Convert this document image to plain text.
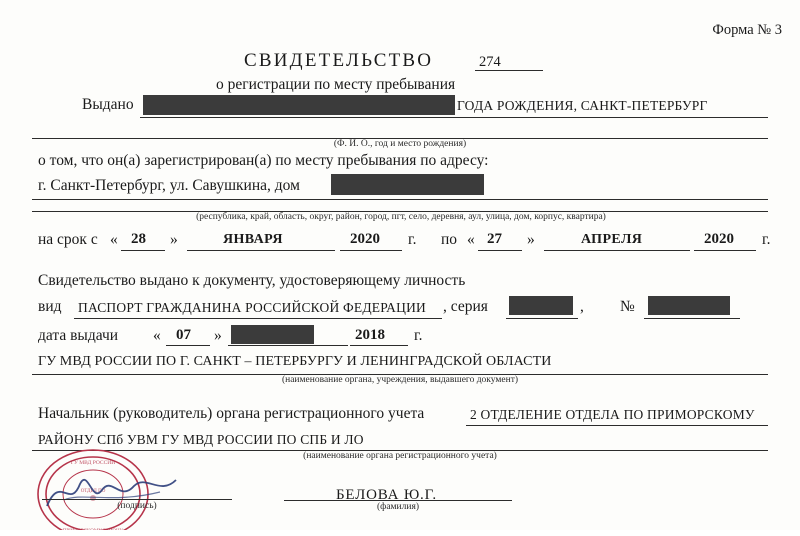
Форма № 3
СВИДЕТЕЛЬСТВО	274
о регистрации по месту пребывания
Выдано	ГОДА РОЖДЕНИЯ, САНКТ-ПЕТЕРБУРГ
(Ф. И. О., год и место рождения)
о том, что он(а) зарегистрирован(а) по месту пребывания по адресу:
г. Санкт-Петербург, ул. Савушкина, дом
(республика, край, область, округ, район, город, пгт, село, деревня, аул, улица, дом, корпус, квартира)
на срок с « 28 »	ЯНВАРЯ	2020 г. по « 27 »	АПРЕЛЯ	2020 г.
Свидетельство выдано к документу, удостоверяющему личность
вид ПАСПОРТ ГРАЖДАНИНА РОССИЙСКОЙ ФЕДЕРАЦИИ , серия	, №
дата выдачи « 07 »	2018 г.
ГУ МВД РОССИИ ПО Г. САНКТ – ПЕТЕРБУРГУ И ЛЕНИНГРАДСКОЙ ОБЛАСТИ
(наименование органа, учреждения, выдавшего документ)
Начальник (руководитель) органа регистрационного учета	2 ОТДЕЛЕНИЕ ОТДЕЛА ПО ПРИМОРСКОМУ
РАЙОНУ СПб УВМ ГУ МВД РОССИИ ПО СПБ И ЛО
(наименование органа регистрационного учета)
ГУ МВД РОССИИ
ОТДЕЛ ПО
(подпись)
БЕЛОВА Ю.Г.
(фамилия)
